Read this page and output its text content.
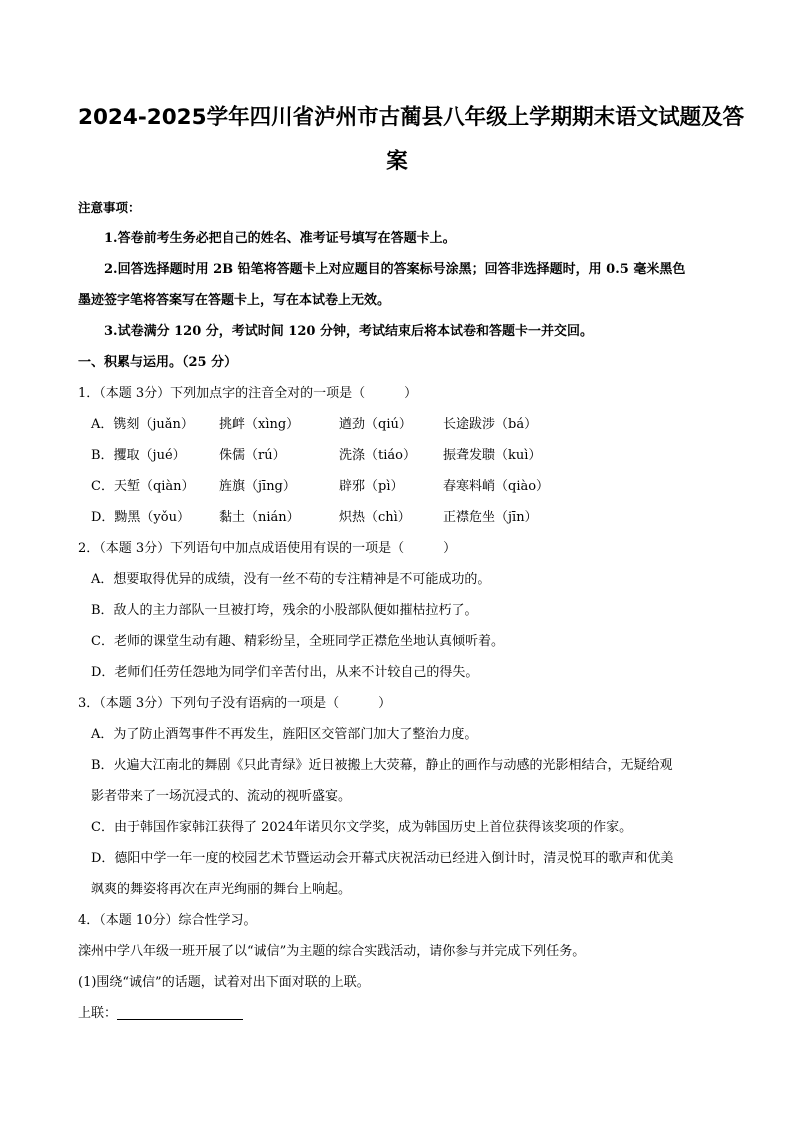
2024-2025学年四川省泸州市古蔺县八年级上学期期末语文试题及答

案

注意事项：

1.答卷前考生务必把自己的姓名、准考证号填写在答题卡上。

2.回答选择题时用 2B 铅笔将答题卡上对应题目的答案标号涂黑；回答非选择题时，用 0.5 毫米黑色

墨迹签字笔将答案写在答题卡上，写在本试卷上无效。

3.试卷满分 120 分，考试时间 120 分钟，考试结束后将本试卷和答题卡一并交回。

一、积累与运用。（25 分）

1．（本题 3分）下列加点字的注音全对的一项是（　　　）

A．镌刻（juǎn）	挑衅（xìng）	遒劲（qiú）	长途跋涉（bá）

B．攫取（jué）	侏儒（rú）	洗涤（tiáo）	振聋发聩（kuì）

C．天堑（qiàn）	旌旗（jīng）	辟邪（pì）	春寒料峭（qiào）

D．黝黑（yǒu）	黏土（nián）	炽热（chì）	正襟危坐（jīn）

2．（本题 3分）下列语句中加点成语使用有误的一项是（　　　）

A．想要取得优异的成绩，没有一丝不苟的专注精神是不可能成功的。

B．敌人的主力部队一旦被打垮，残余的小股部队便如摧枯拉朽了。

C．老师的课堂生动有趣、精彩纷呈，全班同学正襟危坐地认真倾听着。

D．老师们任劳任怨地为同学们辛苦付出，从来不计较自己的得失。

3．（本题 3分）下列句子没有语病的一项是（　　　）

A．为了防止酒驾事件不再发生，旌阳区交管部门加大了整治力度。

B．火遍大江南北的舞剧《只此青绿》近日被搬上大荧幕，静止的画作与动感的光影相结合，无疑给观

影者带来了一场沉浸式的、流动的视听盛宴。

C．由于韩国作家韩江获得了 2024年诺贝尔文学奖，成为韩国历史上首位获得该奖项的作家。

D．德阳中学一年一度的校园艺术节暨运动会开幕式庆祝活动已经进入倒计时，清灵悦耳的歌声和优美

飒爽的舞姿将再次在声光绚丽的舞台上响起。

4．（本题 10分）综合性学习。

滦州中学八年级一班开展了以“诚信”为主题的综合实践活动，请你参与并完成下列任务。

(1)围绕“诚信”的话题，试着对出下面对联的上联。

上联：
